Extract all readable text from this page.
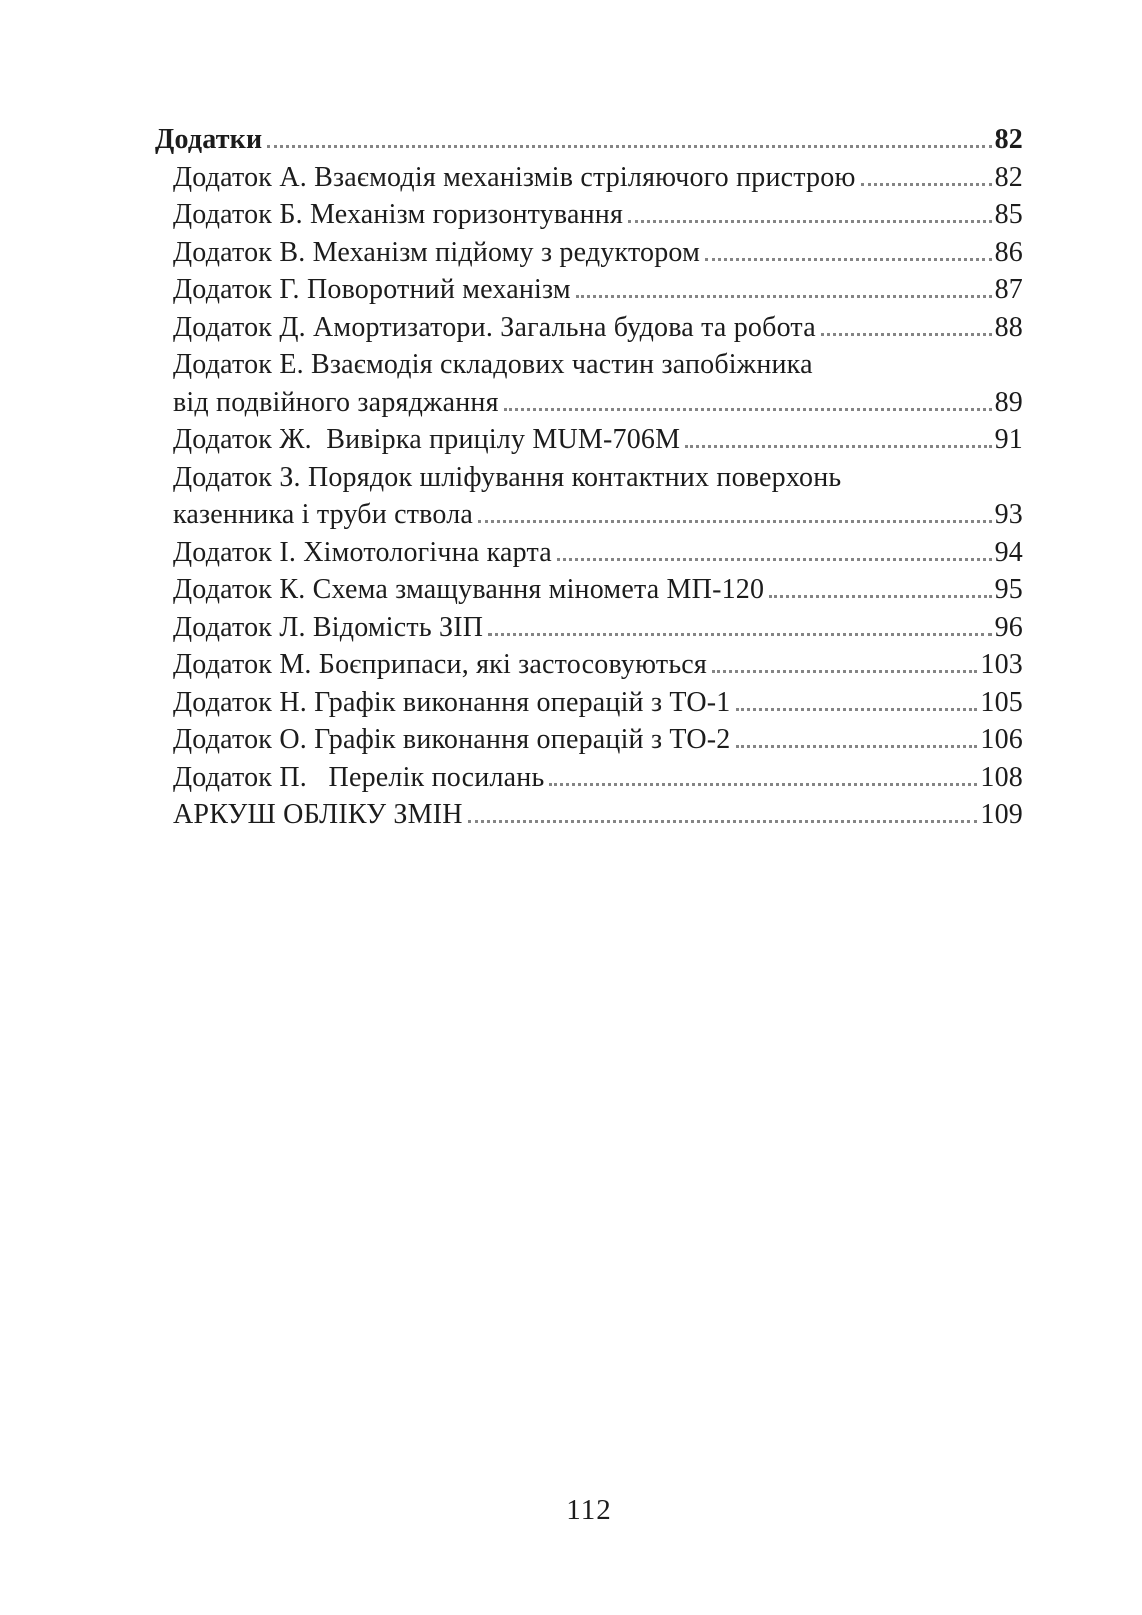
Додатки	82
Додаток А. Взаємодія механізмів стріляючого пристрою	82
Додаток Б. Механізм горизонтування	85
Додаток В. Механізм підйому з редуктором	86
Додаток Г. Поворотний механізм	87
Додаток Д. Амортизатори. Загальна будова та робота	88
Додаток Е. Взаємодія складових частин запобіжника
від подвійного заряджання	89
Додаток Ж.  Вивірка прицілу MUM-706М	91
Додаток З. Порядок шліфування контактних поверхонь
казенника і труби ствола	93
Додаток І. Хімотологічна карта	94
Додаток К. Схема змащування міномета МП-120	95
Додаток Л. Відомість ЗІП	96
Додаток М. Боєприпаси, які застосовуються	103
Додаток Н. Графік виконання операцій з ТО-1	105
Додаток О. Графік виконання операцій з ТО-2	106
Додаток П.   Перелік посилань	108
АРКУШ ОБЛІКУ ЗМІН	109
112
